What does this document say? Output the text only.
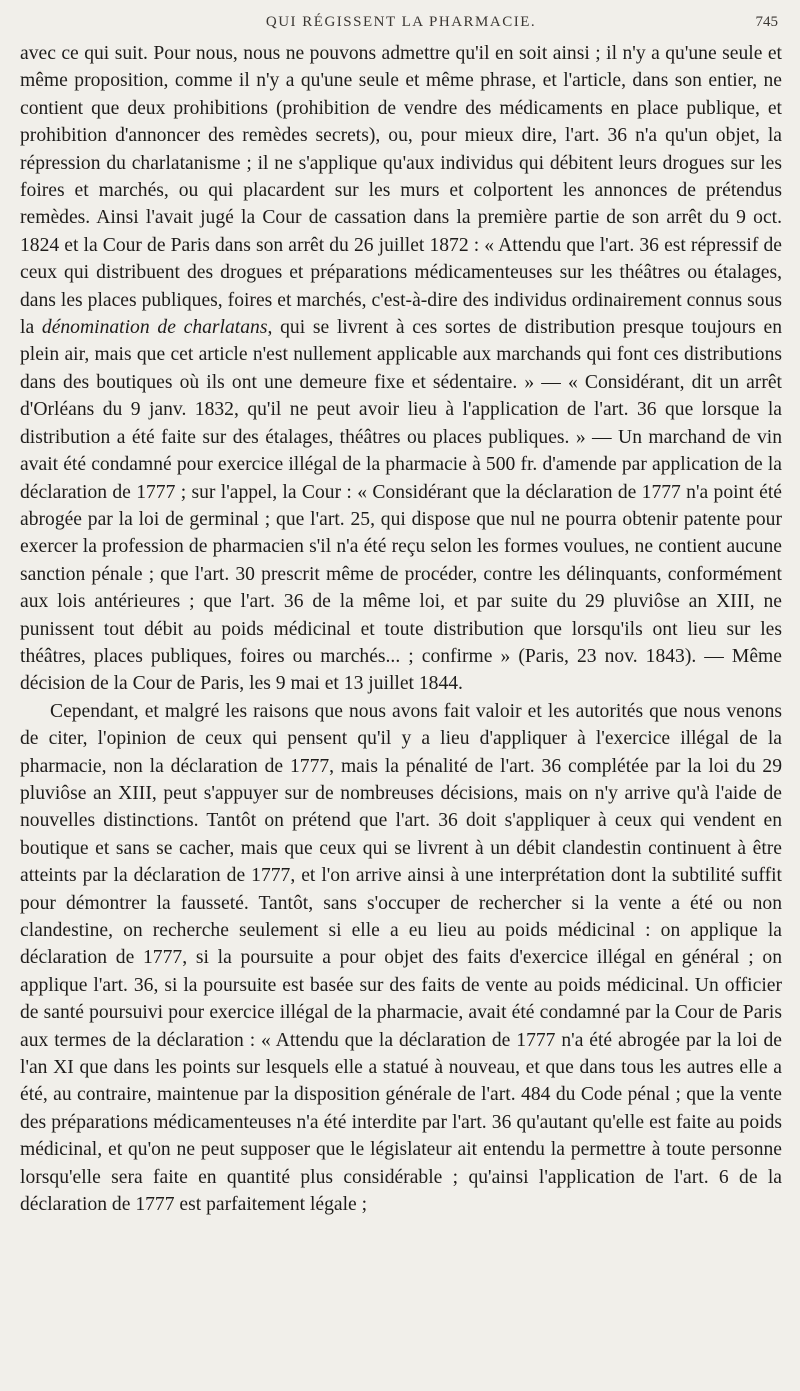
QUI RÉGISSENT LA PHARMACIE.	745

avec ce qui suit. Pour nous, nous ne pouvons admettre qu'il en soit ainsi ; il n'y a qu'une seule et même proposition, comme il n'y a qu'une seule et même phrase, et l'article, dans son entier, ne contient que deux prohibitions (prohibition de vendre des médicaments en place publique, et prohibition d'annoncer des remèdes secrets), ou, pour mieux dire, l'art. 36 n'a qu'un objet, la répression du charlatanisme ; il ne s'applique qu'aux individus qui débitent leurs drogues sur les foires et marchés, ou qui placardent sur les murs et colportent les annonces de prétendus remèdes. Ainsi l'avait jugé la Cour de cassation dans la première partie de son arrêt du 9 oct. 1824 et la Cour de Paris dans son arrêt du 26 juillet 1872 : « Attendu que l'art. 36 est répressif de ceux qui distribuent des drogues et préparations médicamenteuses sur les théâtres ou étalages, dans les places publiques, foires et marchés, c'est-à-dire des individus ordinairement connus sous la dénomination de charlatans, qui se livrent à ces sortes de distribution presque toujours en plein air, mais que cet article n'est nullement applicable aux marchands qui font ces distributions dans des boutiques où ils ont une demeure fixe et sédentaire. » — « Considérant, dit un arrêt d'Orléans du 9 janv. 1832, qu'il ne peut avoir lieu à l'application de l'art. 36 que lorsque la distribution a été faite sur des étalages, théâtres ou places publiques. » — Un marchand de vin avait été condamné pour exercice illégal de la pharmacie à 500 fr. d'amende par application de la déclaration de 1777 ; sur l'appel, la Cour : « Considérant que la déclaration de 1777 n'a point été abrogée par la loi de germinal ; que l'art. 25, qui dispose que nul ne pourra obtenir patente pour exercer la profession de pharmacien s'il n'a été reçu selon les formes voulues, ne contient aucune sanction pénale ; que l'art. 30 prescrit même de procéder, contre les délinquants, conformément aux lois antérieures ; que l'art. 36 de la même loi, et par suite du 29 pluviôse an XIII, ne punissent tout débit au poids médicinal et toute distribution que lorsqu'ils ont lieu sur les théâtres, places publiques, foires ou marchés... ; confirme » (Paris, 23 nov. 1843). — Même décision de la Cour de Paris, les 9 mai et 13 juillet 1844.

Cependant, et malgré les raisons que nous avons fait valoir et les autorités que nous venons de citer, l'opinion de ceux qui pensent qu'il y a lieu d'appliquer à l'exercice illégal de la pharmacie, non la déclaration de 1777, mais la pénalité de l'art. 36 complétée par la loi du 29 pluviôse an XIII, peut s'appuyer sur de nombreuses décisions, mais on n'y arrive qu'à l'aide de nouvelles distinctions. Tantôt on prétend que l'art. 36 doit s'appliquer à ceux qui vendent en boutique et sans se cacher, mais que ceux qui se livrent à un débit clandestin continuent à être atteints par la déclaration de 1777, et l'on arrive ainsi à une interprétation dont la subtilité suffit pour démontrer la fausseté. Tantôt, sans s'occuper de rechercher si la vente a été ou non clandestine, on recherche seulement si elle a eu lieu au poids médicinal : on applique la déclaration de 1777, si la poursuite a pour objet des faits d'exercice illégal en général ; on applique l'art. 36, si la poursuite est basée sur des faits de vente au poids médicinal. Un officier de santé poursuivi pour exercice illégal de la pharmacie, avait été condamné par la Cour de Paris aux termes de la déclaration : « Attendu que la déclaration de 1777 n'a été abrogée par la loi de l'an XI que dans les points sur lesquels elle a statué à nouveau, et que dans tous les autres elle a été, au contraire, maintenue par la disposition générale de l'art. 484 du Code pénal ; que la vente des préparations médicamenteuses n'a été interdite par l'art. 36 qu'autant qu'elle est faite au poids médicinal, et qu'on ne peut supposer que le législateur ait entendu la permettre à toute personne lorsqu'elle sera faite en quantité plus considérable ; qu'ainsi l'application de l'art. 6 de la déclaration de 1777 est parfaitement légale ;
